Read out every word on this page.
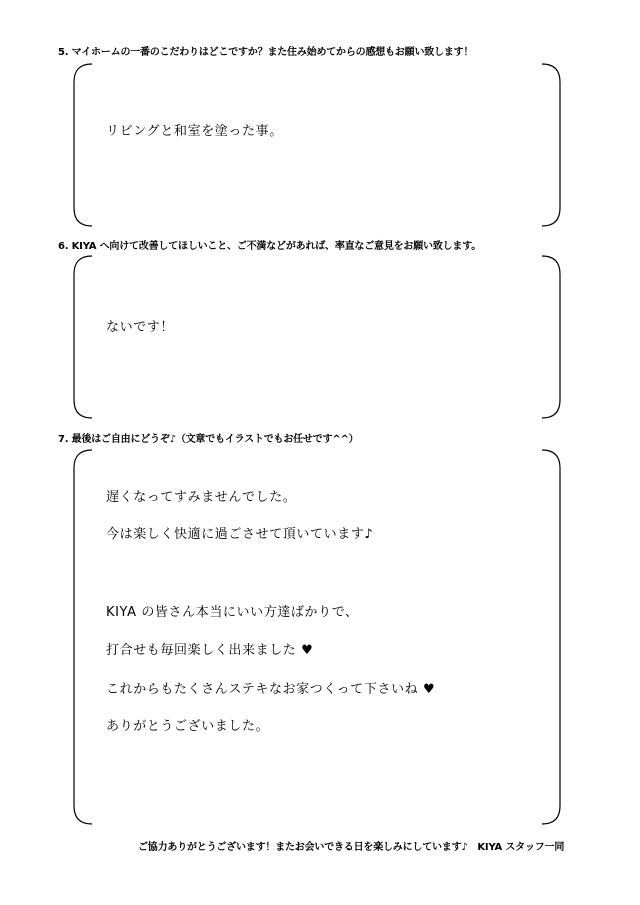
5. マイホームの一番のこだわりはどこですか？また住み始めてからの感想もお願い致します！
リビングと和室を塗った事。
6. KIYA へ向けて改善してほしいこと、ご不満などがあれば、率直なご意見をお願い致します。
ないです！
7. 最後はご自由にどうぞ♪（文章でもイラストでもお任せです^^）
遅くなってすみませんでした。
今は楽しく快適に過ごさせて頂いています♪
KIYA の皆さん本当にいい方達ばかりで、
打合せも毎回楽しく出来ました ♥
これからもたくさんステキなお家つくって下さいね ♥
ありがとうございました。
ご協力ありがとうございます！またお会いできる日を楽しみにしています♪　KIYA スタッフ一同
